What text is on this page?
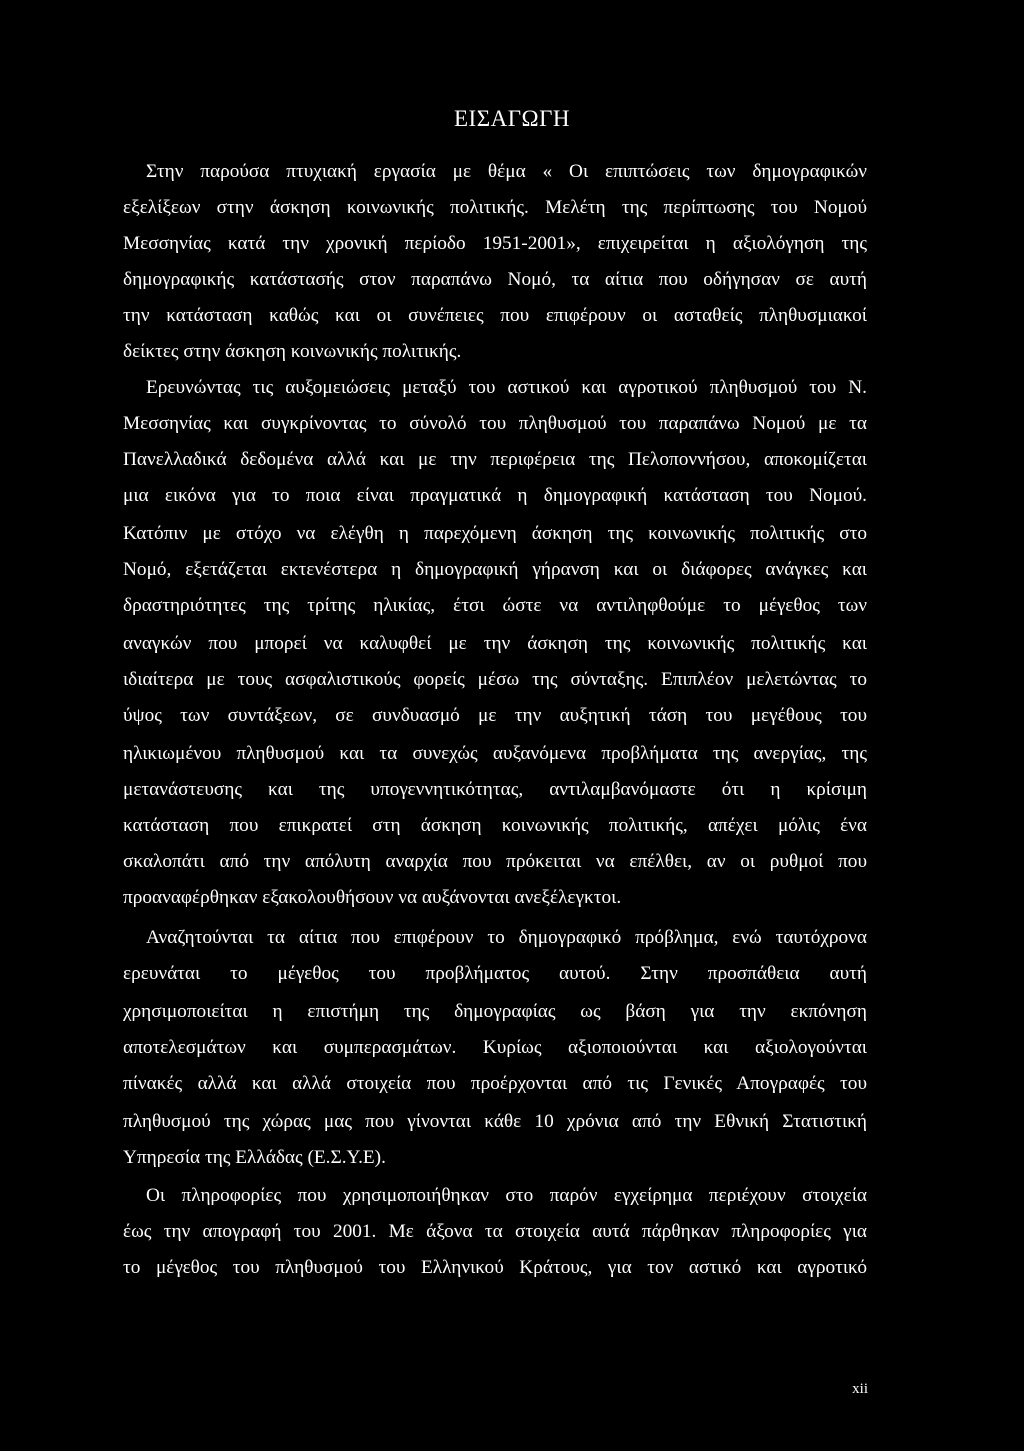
ΕΙΣΑΓΩΓΗ
Στην παρούσα πτυχιακή εργασία με θέμα « Οι επιπτώσεις των δημογραφικών
εξελίξεων στην άσκηση κοινωνικής πολιτικής. Μελέτη της περίπτωσης του Νομού
Μεσσηνίας κατά την χρονική περίοδο 1951-2001», επιχειρείται η αξιολόγηση της
δημογραφικής κατάστασής στον παραπάνω Νομό, τα αίτια που οδήγησαν σε αυτή
την κατάσταση καθώς και οι συνέπειες που επιφέρουν οι ασταθείς πληθυσμιακοί
δείκτες στην άσκηση κοινωνικής πολιτικής.
Ερευνώντας τις αυξομειώσεις μεταξύ του αστικού και αγροτικού πληθυσμού του Ν.
Μεσσηνίας και συγκρίνοντας το σύνολό του πληθυσμού του παραπάνω Νομού με τα
Πανελλαδικά δεδομένα αλλά και με την περιφέρεια της Πελοποννήσου, αποκομίζεται
μια εικόνα για το ποια είναι πραγματικά η δημογραφική κατάσταση του Νομού.
Κατόπιν με στόχο να ελέγθη η παρεχόμενη άσκηση της κοινωνικής πολιτικής στο
Νομό, εξετάζεται εκτενέστερα η δημογραφική γήρανση και οι διάφορες ανάγκες και
δραστηριότητες της τρίτης ηλικίας, έτσι ώστε να αντιληφθούμε το μέγεθος των
αναγκών που μπορεί να καλυφθεί με την άσκηση της κοινωνικής πολιτικής και
ιδιαίτερα με τους ασφαλιστικούς φορείς μέσω της σύνταξης. Επιπλέον μελετώντας το
ύψος των συντάξεων, σε συνδυασμό με την αυξητική τάση του μεγέθους του
ηλικιωμένου πληθυσμού και τα συνεχώς αυξανόμενα προβλήματα της ανεργίας, της
μετανάστευσης και της υπογεννητικότητας, αντιλαμβανόμαστε ότι η κρίσιμη
κατάσταση που επικρατεί στη άσκηση κοινωνικής πολιτικής, απέχει μόλις ένα
σκαλοπάτι από την απόλυτη αναρχία που πρόκειται να επέλθει, αν οι ρυθμοί που
προαναφέρθηκαν εξακολουθήσουν να αυξάνονται ανεξέλεγκτοι.
Αναζητούνται τα αίτια που επιφέρουν το δημογραφικό πρόβλημα, ενώ ταυτόχρονα
ερευνάται το μέγεθος του προβλήματος αυτού. Στην προσπάθεια αυτή
χρησιμοποιείται η επιστήμη της δημογραφίας ως βάση για την εκπόνηση
αποτελεσμάτων και συμπερασμάτων. Κυρίως αξιοποιούνται και αξιολογούνται
πίνακές αλλά και αλλά στοιχεία που προέρχονται από τις Γενικές Απογραφές του
πληθυσμού της χώρας μας που γίνονται κάθε 10 χρόνια από την Εθνική Στατιστική
Υπηρεσία της Ελλάδας (Ε.Σ.Υ.Ε).
Οι πληροφορίες που χρησιμοποιήθηκαν στο παρόν εγχείρημα περιέχουν στοιχεία
έως την απογραφή του 2001. Με άξονα τα στοιχεία αυτά πάρθηκαν πληροφορίες για
το μέγεθος του πληθυσμού του Ελληνικού Κράτους, για τον αστικό και αγροτικό
xii
